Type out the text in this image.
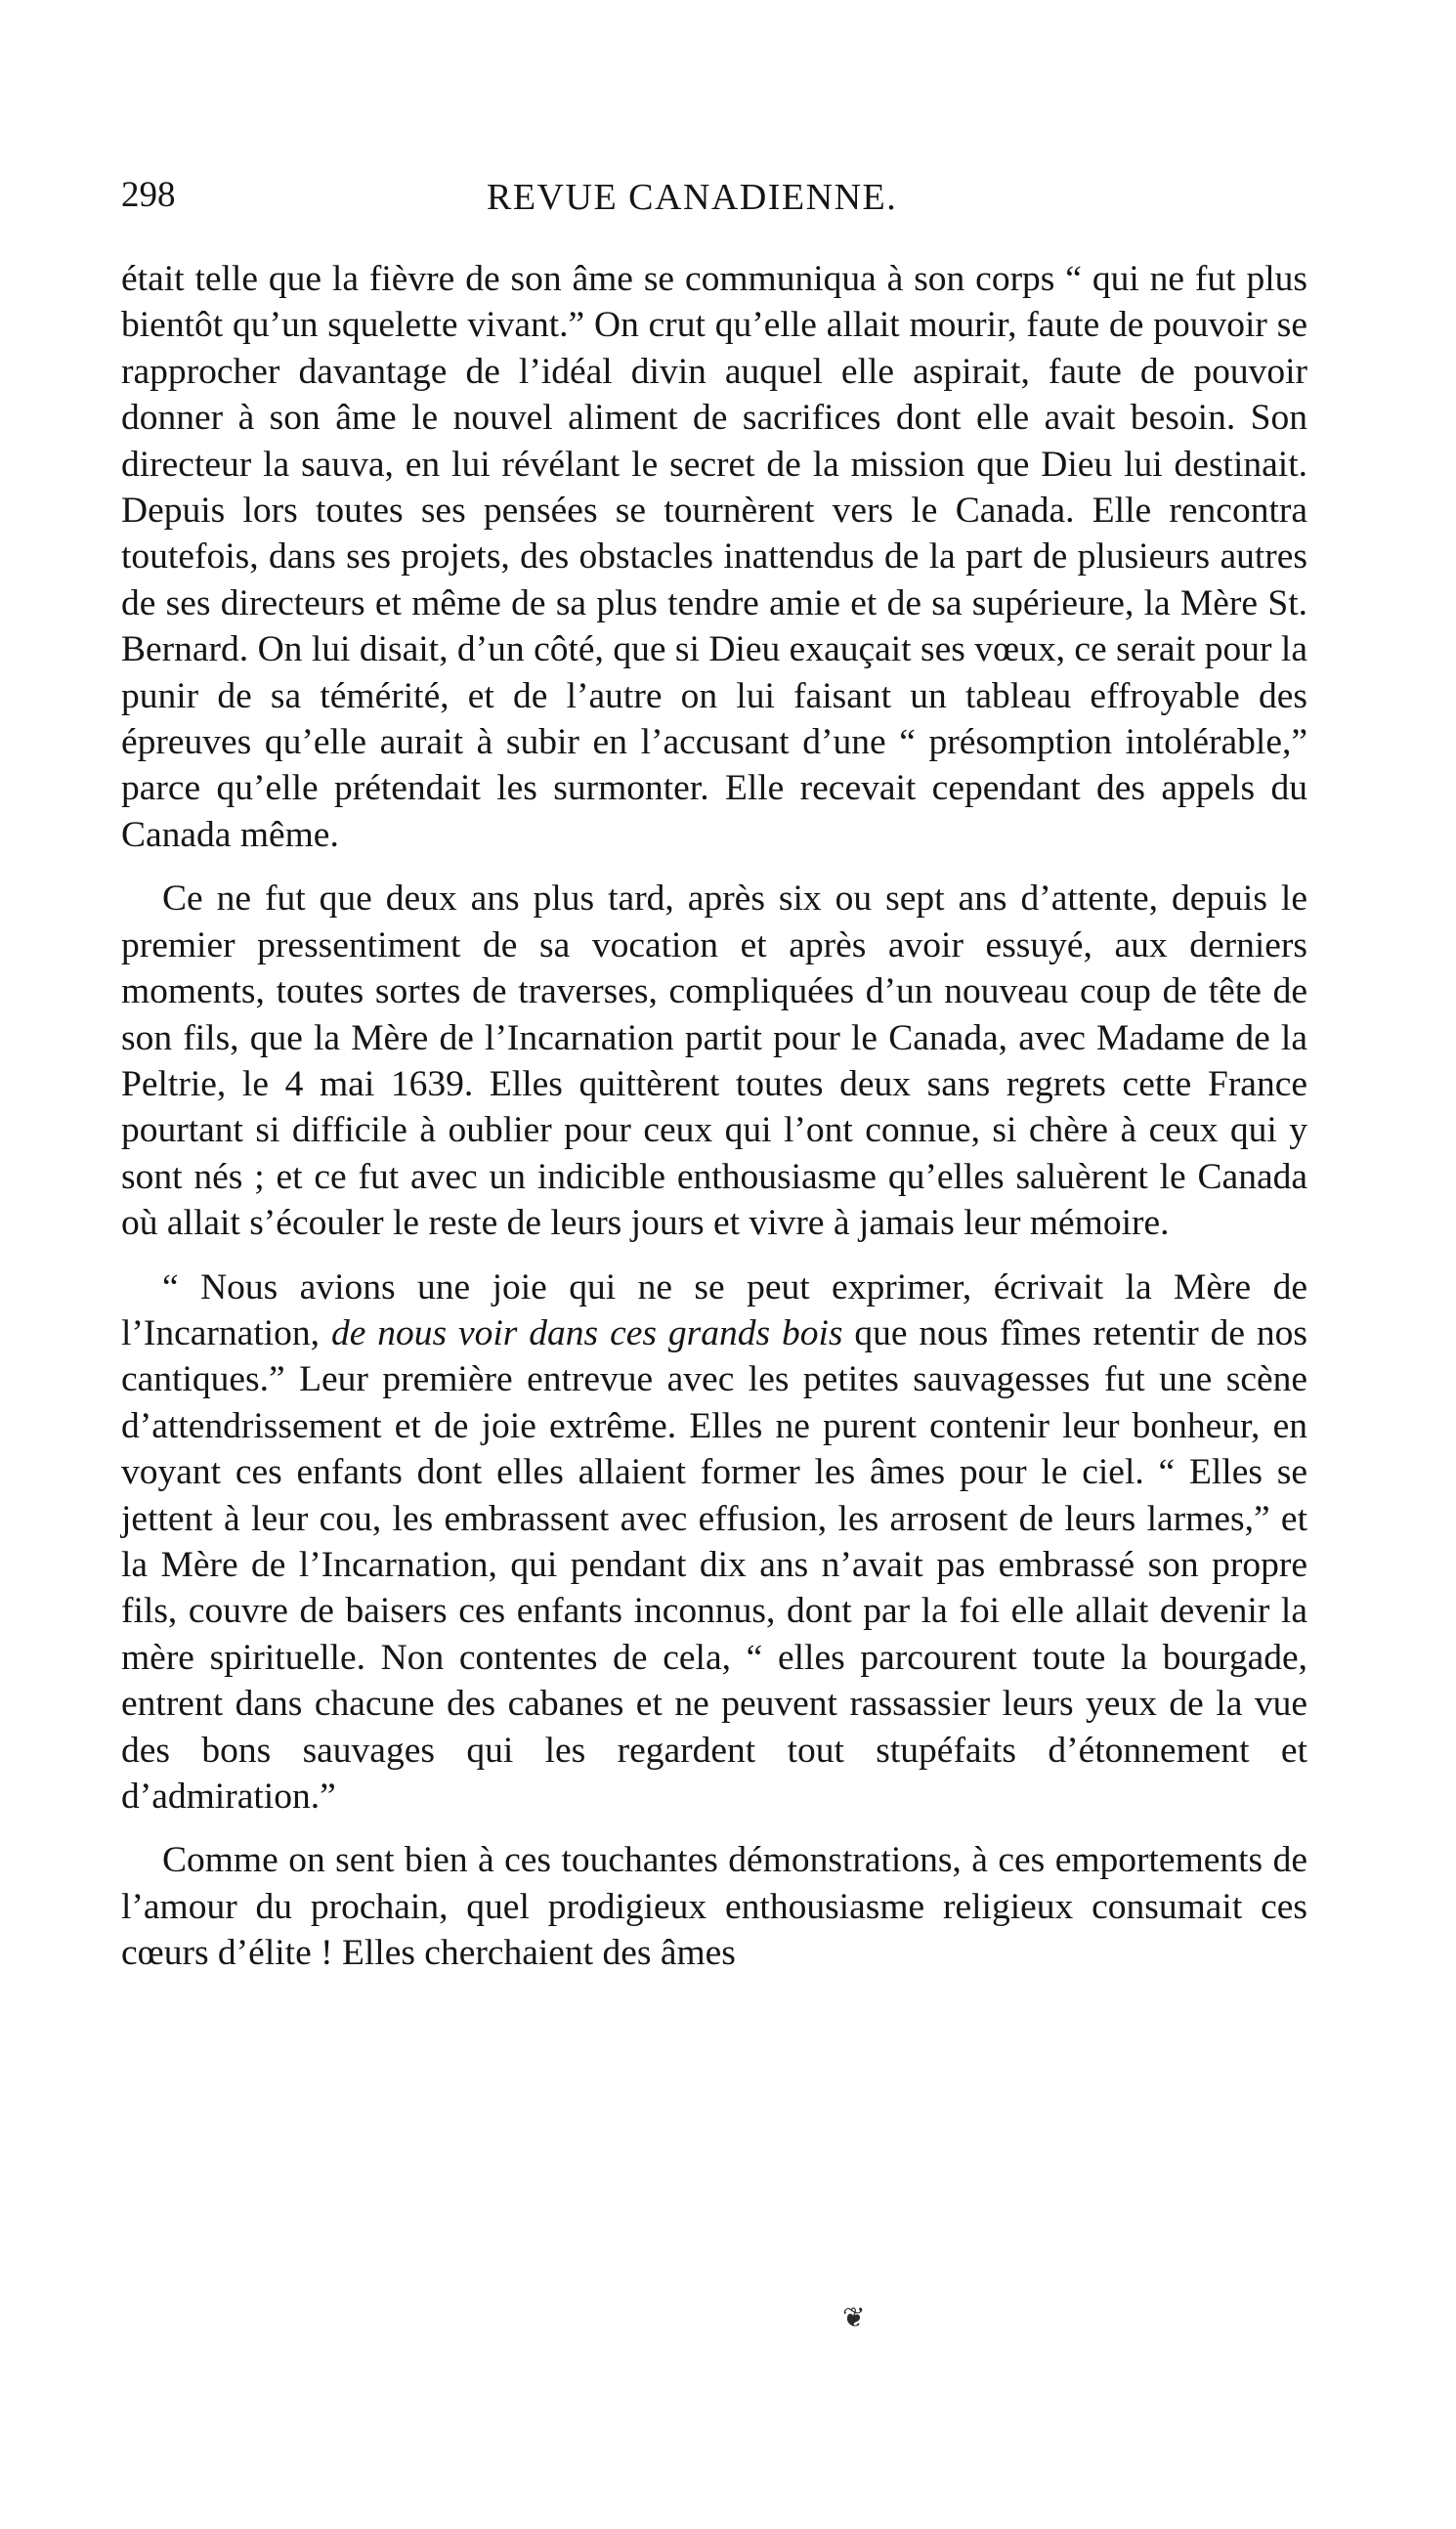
298	REVUE CANADIENNE.

était telle que la fièvre de son âme se communiqua à son corps “ qui ne fut plus bientôt qu’un squelette vivant.” On crut qu’elle allait mourir, faute de pouvoir se rapprocher davantage de l’idéal divin auquel elle aspirait, faute de pouvoir donner à son âme le nouvel aliment de sacrifices dont elle avait besoin. Son directeur la sauva, en lui révélant le secret de la mission que Dieu lui destinait. Depuis lors toutes ses pensées se tournèrent vers le Canada. Elle rencontra toutefois, dans ses projets, des obstacles inattendus de la part de plusieurs autres de ses directeurs et même de sa plus tendre amie et de sa supérieure, la Mère St. Bernard. On lui disait, d’un côté, que si Dieu exauçait ses vœux, ce serait pour la punir de sa témérité, et de l’autre on lui faisant un tableau effroyable des épreuves qu’elle aurait à subir en l’accusant d’une “ présomption intolérable,” parce qu’elle prétendait les surmonter. Elle recevait cependant des appels du Canada même.

Ce ne fut que deux ans plus tard, après six ou sept ans d’attente, depuis le premier pressentiment de sa vocation et après avoir essuyé, aux derniers moments, toutes sortes de traverses, compliquées d’un nouveau coup de tête de son fils, que la Mère de l’Incarnation partit pour le Canada, avec Madame de la Peltrie, le 4 mai 1639. Elles quittèrent toutes deux sans regrets cette France pourtant si difficile à oublier pour ceux qui l’ont connue, si chère à ceux qui y sont nés ; et ce fut avec un indicible enthousiasme qu’elles saluèrent le Canada où allait s’écouler le reste de leurs jours et vivre à jamais leur mémoire.

“ Nous avions une joie qui ne se peut exprimer, écrivait la Mère de l’Incarnation, de nous voir dans ces grands bois que nous fîmes retentir de nos cantiques.” Leur première entrevue avec les petites sauvagesses fut une scène d’attendrissement et de joie extrême. Elles ne purent contenir leur bonheur, en voyant ces enfants dont elles allaient former les âmes pour le ciel. “ Elles se jettent à leur cou, les embrassent avec effusion, les arrosent de leurs larmes,” et la Mère de l’Incarnation, qui pendant dix ans n’avait pas embrassé son propre fils, couvre de baisers ces enfants inconnus, dont par la foi elle allait devenir la mère spirituelle. Non contentes de cela, “ elles parcourent toute la bourgade, entrent dans chacune des cabanes et ne peuvent rassassier leurs yeux de la vue des bons sauvages qui les regardent tout stupéfaits d’étonnement et d’admiration.”

Comme on sent bien à ces touchantes démonstrations, à ces emportements de l’amour du prochain, quel prodigieux enthousiasme religieux consumait ces cœurs d’élite ! Elles cherchaient des âmes

❦
